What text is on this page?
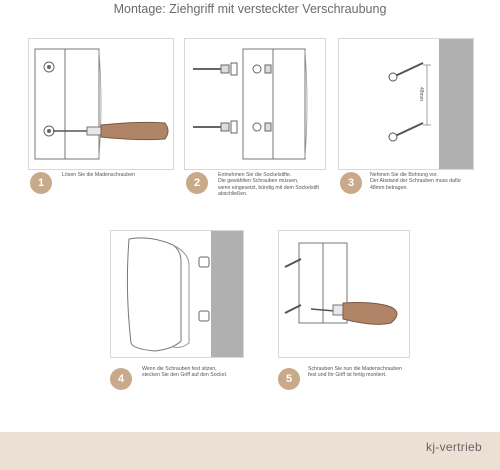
Montage: Ziehgriff mit versteckter Verschraubung
1
Lösen Sie die Madenschrauben
2
Entnehmen Sie die Sockelstifte.
Die gewählten Schrauben müssen,
wenn eingesetzt, bündig mit dem Sockelstift
abschließen.
48mm
3
Nehmen Sie die Bohrung vor.
Der Abstand der Schrauben muss dafür
48mm betragen.
4
Wenn die Schrauben fest sitzen,
stecken Sie den Griff auf den Sockel.	5
Schrauben Sie nun die Madenschrauben
fest und Ihr Griff ist fertig montiert.
kj-vertrieb
